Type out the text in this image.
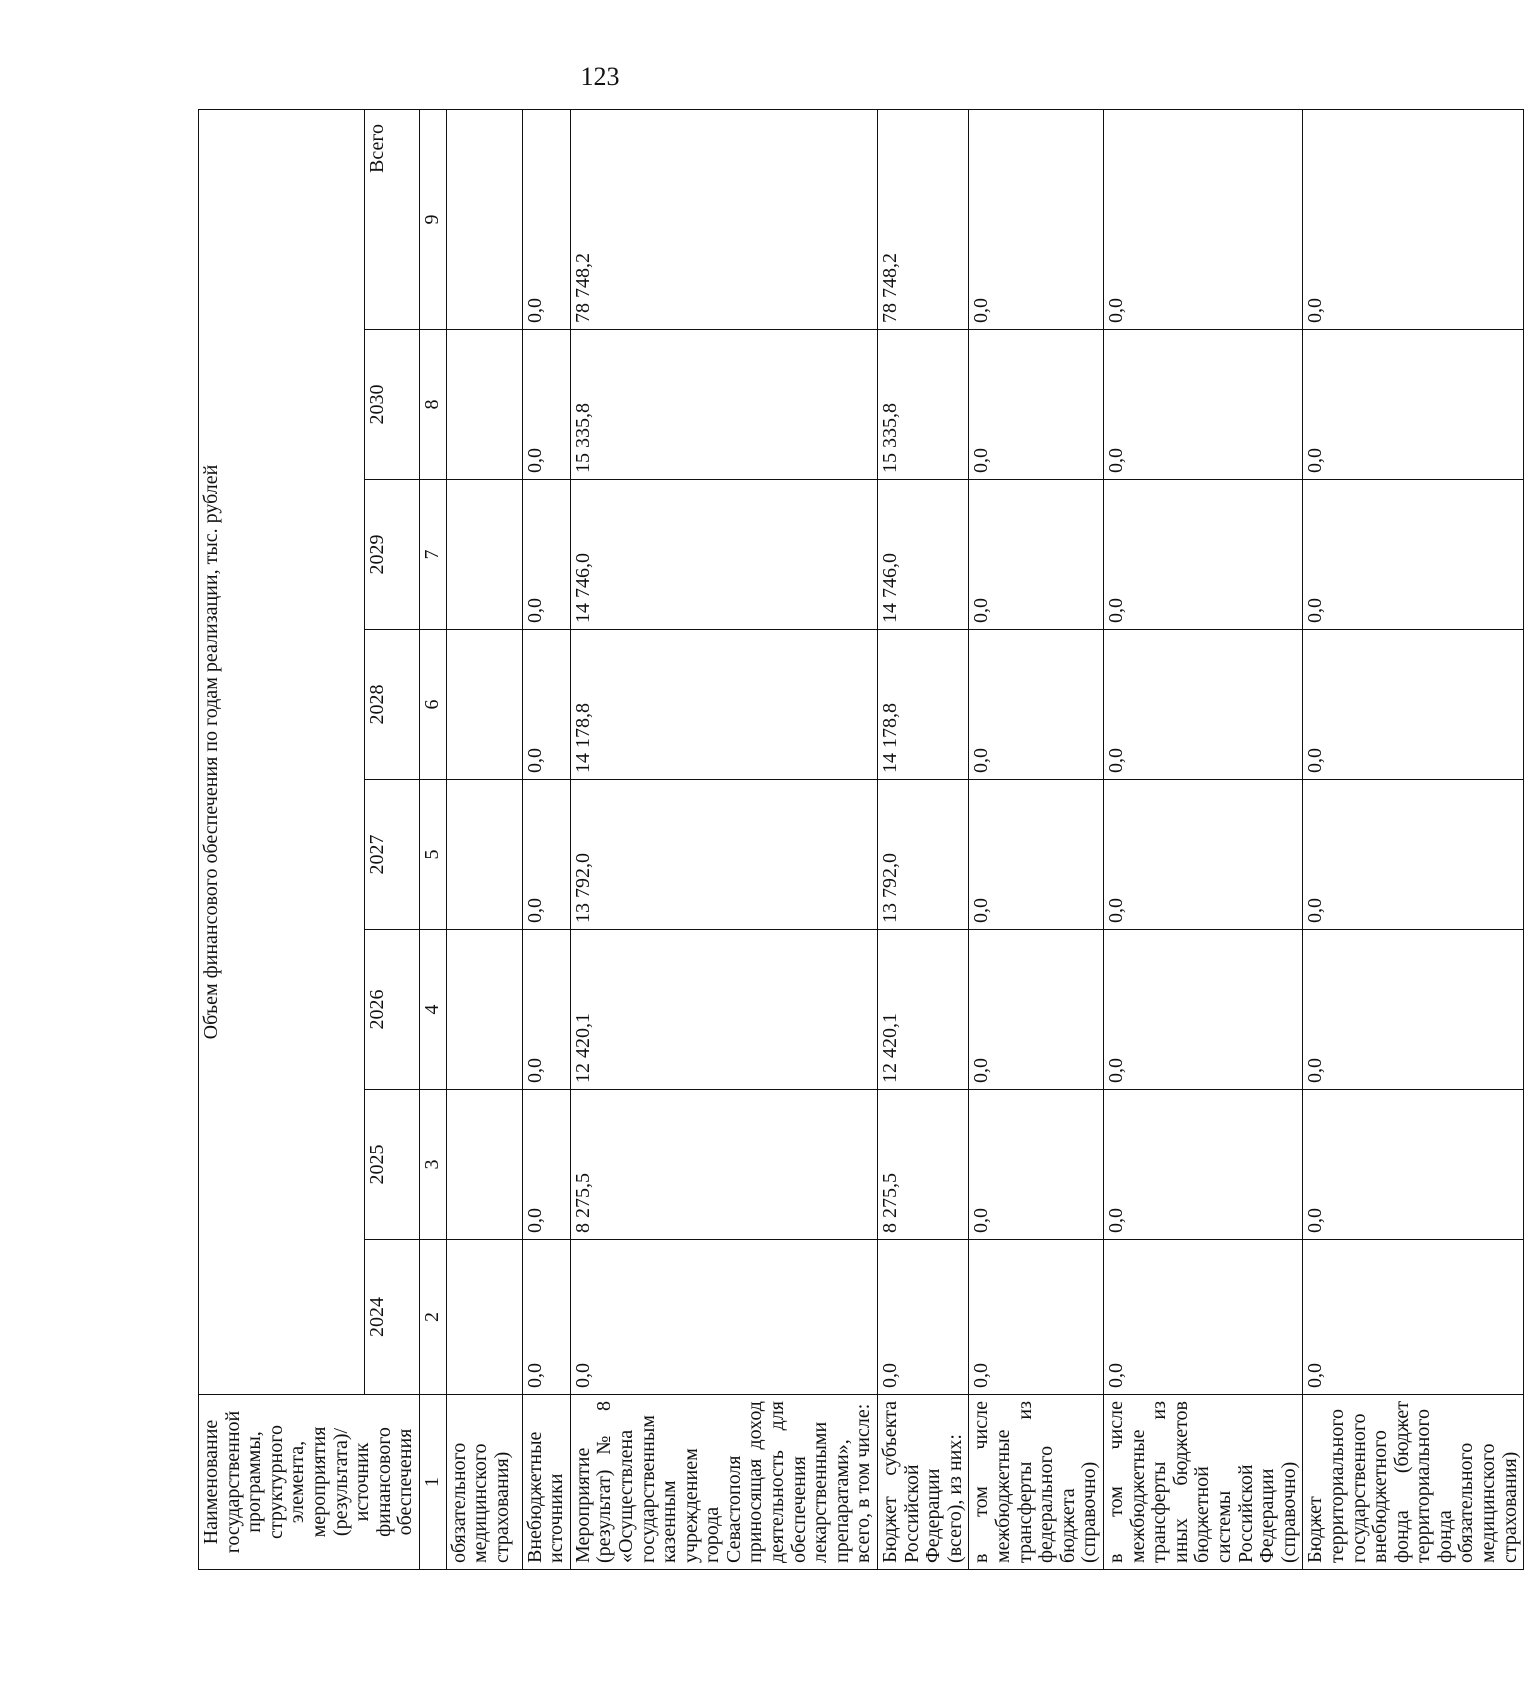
123
Наименование государственной программы, структурного элемента, мероприятия (результата)/источник финансового обеспечения	Объем финансового обеспечения по годам реализации, тыс. рублей							
	2024	2025	2026	2027	2028	2029	2030	Всего
1	2	3	4	5	6	7	8	9
обязательного медицинского страхования)								
Внебюджетные источники	0,0	0,0	0,0	0,0	0,0	0,0	0,0	0,0
Мероприятие (результат) № 8 «Осуществлена государственным казенным учреждением города Севастополя приносящая доход деятельность для обеспечения лекарственными препаратами», всего, в том числе:	0,0	8 275,5	12 420,1	13 792,0	14 178,8	14 746,0	15 335,8	78 748,2
Бюджет субъекта Российской Федерации (всего), из них:	0,0	8 275,5	12 420,1	13 792,0	14 178,8	14 746,0	15 335,8	78 748,2
в том числе межбюджетные трансферты из федерального бюджета (справочно)	0,0	0,0	0,0	0,0	0,0	0,0	0,0	0,0
в том числе межбюджетные трансферты из иных бюджетов бюджетной системы Российской Федерации (справочно)	0,0	0,0	0,0	0,0	0,0	0,0	0,0	0,0
Бюджет территориального государственного внебюджетного фонда (бюджет территориального фонда обязательного медицинского страхования)	0,0	0,0	0,0	0,0	0,0	0,0	0,0	0,0
